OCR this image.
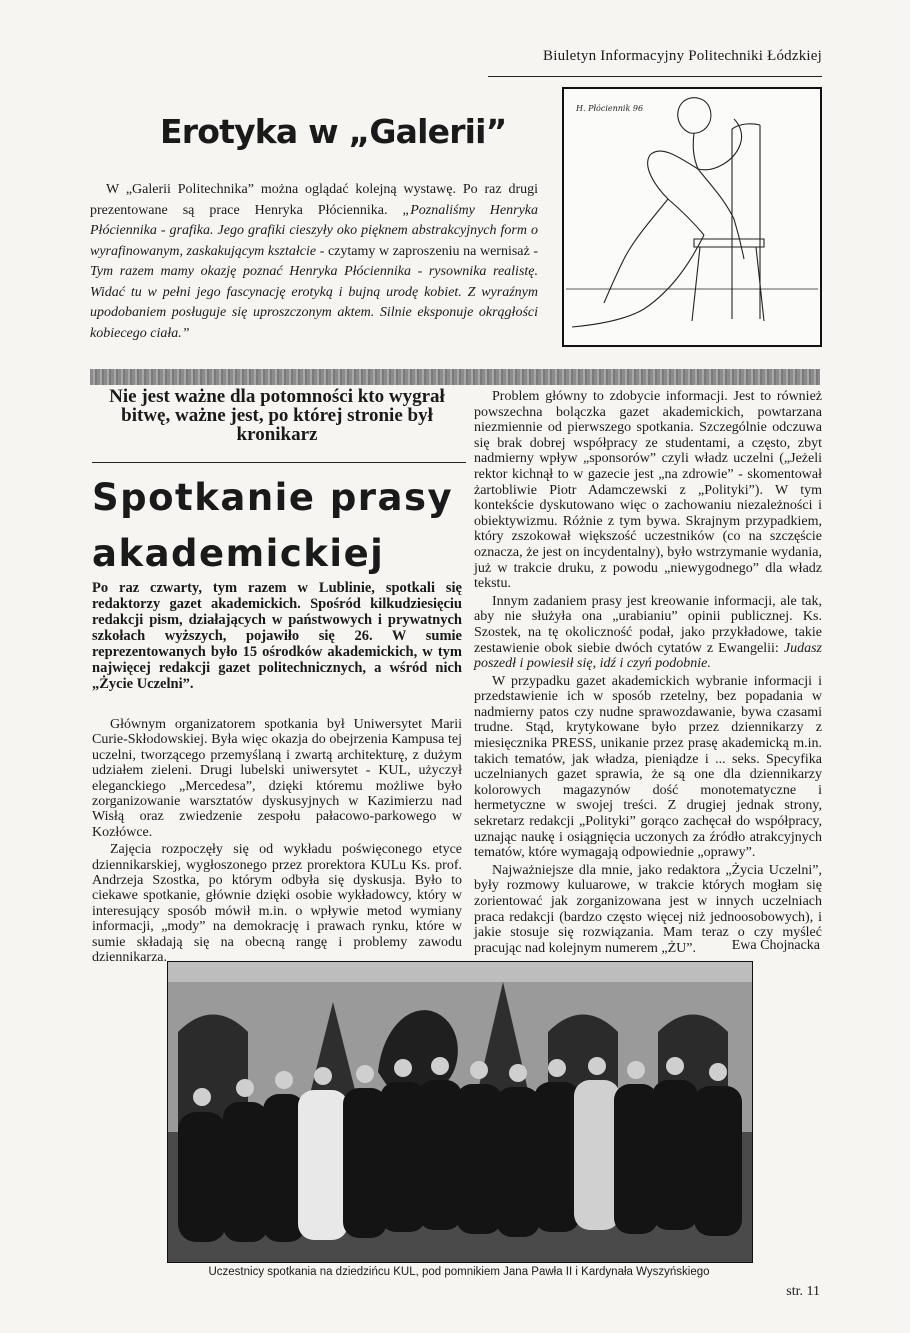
Biuletyn Informacyjny Politechniki Łódzkiej
Erotyka w „Galerii”

W „Galerii Politechnika” można oglądać kolejną wystawę. Po raz drugi prezentowane są prace Henryka Płóciennika. „Poznaliśmy Henryka Płóciennika - grafika. Jego grafiki cieszyły oko pięknem abstrakcyjnych form o wyrafinowanym, zaskakującym kształcie - czytamy w zaproszeniu na wernisaż - Tym razem mamy okazję poznać Henryka Płóciennika - rysownika realistę. Widać tu w pełni jego fascynację erotyką i bujną urodę kobiet. Z wyraźnym upodobaniem posługuje się uproszczonym aktem. Silnie eksponuje okrągłości kobiecego ciała.”

H. Płóciennik 96
Nie jest ważne dla potomności kto wygrał bitwę, ważne jest, po której stronie był kronikarz
Spotkanie prasy akademickiej
Po raz czwarty, tym razem w Lublinie, spotkali się redaktorzy gazet akademickich. Spośród kilkudziesięciu redakcji pism, działających w państwowych i prywatnych szkołach wyższych, pojawiło się 26. W sumie reprezentowanych było 15 ośrodków akademickich, w tym najwięcej redakcji gazet politechnicznych, a wśród nich „Życie Uczelni”.

Głównym organizatorem spotkania był Uniwersytet Marii Curie-Skłodowskiej. Była więc okazja do obejrzenia Kampusa tej uczelni, tworzącego przemyślaną i zwartą architekturę, z dużym udziałem zieleni. Drugi lubelski uniwersytet - KUL, użyczył eleganckiego „Mercedesa”, dzięki któremu możliwe było zorganizowanie warsztatów dyskusyjnych w Kazimierzu nad Wisłą oraz zwiedzenie zespołu pałacowo-parkowego w Kozłówce.

Zajęcia rozpoczęły się od wykładu poświęconego etyce dziennikarskiej, wygłoszonego przez prorektora KULu Ks. prof. Andrzeja Szostka, po którym odbyła się dyskusja. Było to ciekawe spotkanie, głównie dzięki osobie wykładowcy, który w interesujący sposób mówił m.in. o wpływie metod wymiany informacji, „mody” na demokrację i prawach rynku, które w sumie składają się na obecną rangę i problemy zawodu dziennikarza.

Problem główny to zdobycie informacji. Jest to również powszechna bolączka gazet akademickich, powtarzana niezmiennie od pierwszego spotkania. Szczególnie odczuwa się brak dobrej współpracy ze studentami, a często, zbyt nadmierny wpływ „sponsorów” czyli władz uczelni („Jeżeli rektor kichnął to w gazecie jest „na zdrowie” - skomentował żartobliwie Piotr Adamczewski z „Polityki”). W tym kontekście dyskutowano więc o zachowaniu niezależności i obiektywizmu. Różnie z tym bywa. Skrajnym przypadkiem, który zszokował większość uczestników (co na szczęście oznacza, że jest on incydentalny), było wstrzymanie wydania, już w trakcie druku, z powodu „niewygodnego” dla władz tekstu.

Innym zadaniem prasy jest kreowanie informacji, ale tak, aby nie służyła ona „urabianiu” opinii publicznej. Ks. Szostek, na tę okoliczność podał, jako przykładowe, takie zestawienie obok siebie dwóch cytatów z Ewangelii: Judasz poszedł i powiesił się, idź i czyń podobnie.

W przypadku gazet akademickich wybranie informacji i przedstawienie ich w sposób rzetelny, bez popadania w nadmierny patos czy nudne sprawozdawanie, bywa czasami trudne. Stąd, krytykowane było przez dziennikarzy z miesięcznika PRESS, unikanie przez prasę akademicką m.in. takich tematów, jak władza, pieniądze i ... seks. Specyfika uczelnianych gazet sprawia, że są one dla dziennikarzy kolorowych magazynów dość monotematyczne i hermetyczne w swojej treści. Z drugiej jednak strony, sekretarz redakcji „Polityki” gorąco zachęcał do współpracy, uznając naukę i osiągnięcia uczonych za źródło atrakcyjnych tematów, które wymagają odpowiednie „oprawy”.

Najważniejsze dla mnie, jako redaktora „Życia Uczelni”, były rozmowy kuluarowe, w trakcie których mogłam się zorientować jak zorganizowana jest w innych uczelniach praca redakcji (bardzo często więcej niż jednoosobowych), i jakie stosuje się rozwiązania. Mam teraz o czy myśleć pracując nad kolejnym numerem „ŻU”.	Ewa Chojnacka
Uczestnicy spotkania na dziedzińcu KUL, pod pomnikiem Jana Pawła II i Kardynała Wyszyńskiego
str. 11
